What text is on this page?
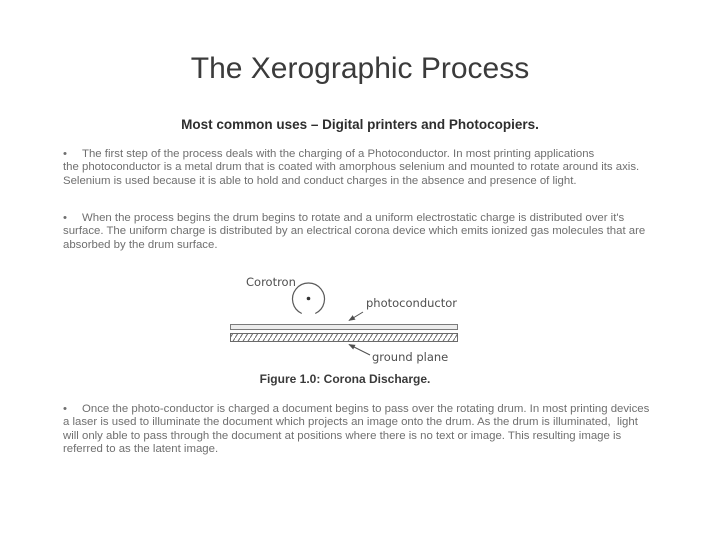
The Xerographic Process
Most common uses – Digital printers and Photocopiers.

• The first step of the process deals with the charging of a Photoconductor. In most printing applications                      the photoconductor is a metal drum that is coated with amorphous selenium and mounted to rotate around its axis. Selenium is used because it is able to hold and conduct charges in the absence and presence of light.

• When the process begins the drum begins to rotate and a uniform electrostatic charge is distributed over it's surface. The uniform charge is distributed by an electrical corona device which emits ionized gas molecules that are absorbed by the drum surface.

Corotron
photoconductor
ground plane
Figure 1.0: Corona Discharge.

• Once the photo-conductor is charged a document begins to pass over the rotating drum. In most printing devices a laser is used to illuminate the document which projects an image onto the drum. As the drum is illuminated,  light will only able to pass through the document at positions where there is no text or image. This resulting image is referred to as the latent image.
